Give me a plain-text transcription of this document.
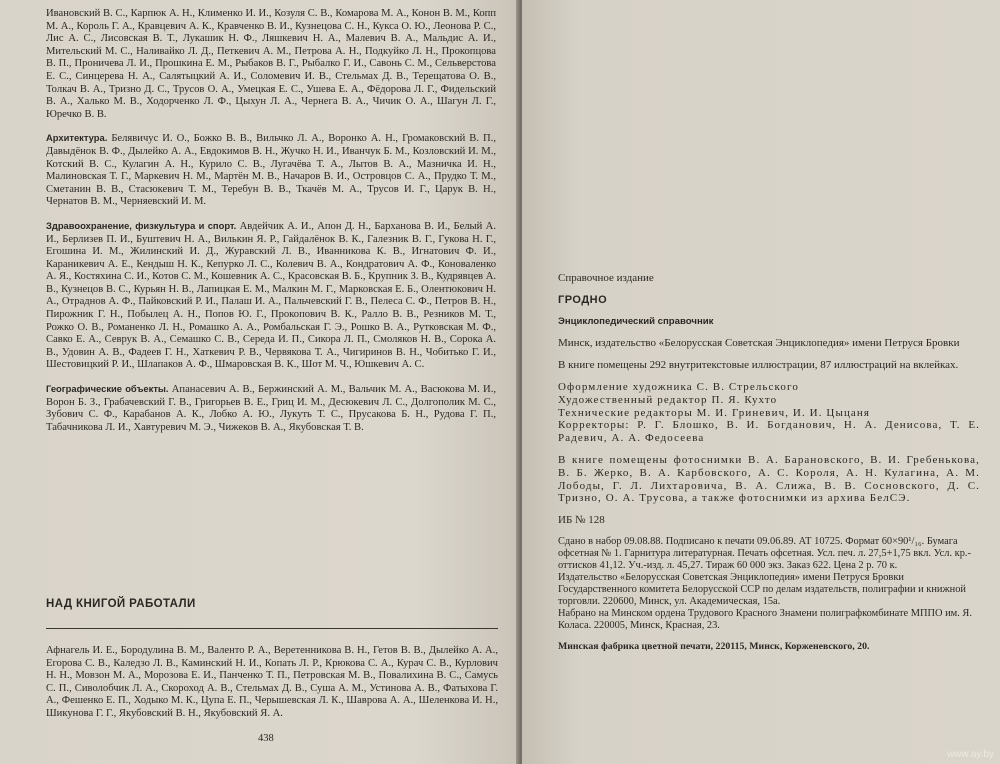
Ивановский В. С., Карпюк А. Н., Клименко И. И., Козуля С. В., Комарова М. А., Конон В. М., Копп М. А., Король Г. А., Кравцевич А. К., Кравченко В. И., Кузнецова С. Н., Кукса О. Ю., Леонова Р. С., Лис А. С., Лисовская В. Т., Лукашик Н. Ф., Ляшкевич Н. А., Малевич В. А., Мальдис А. И., Мительский М. С., Наливайко Л. Д., Петкевич А. М., Петрова А. Н., Подкуйко Л. Н., Прокопцова В. П., Проничева Л. И., Прошкина Е. М., Рыбаков В. Г., Рыбалко Г. И., Савонь С. М., Сельверстова Е. С., Синцерева Н. А., Салятыцкий А. И., Соломевич И. В., Стельмах Д. В., Терещатова О. В., Толкач В. А., Тризно Д. С., Трусов О. А., Умецкая Е. С., Ушева Е. А., Фёдорова Л. Г., Фидельский В. А., Халько М. В., Ходорченко Л. Ф., Цыхун Л. А., Чернега В. А., Чичик О. А., Шагун Л. Г., Юречко В. В.

Архитектура. Белявичус И. О., Божко В. В., Вильчко Л. А., Воронко А. Н., Громаковский В. П., Давыдёнок В. Ф., Дылейко А. А., Евдокимов В. Н., Жучко Н. И., Иванчук Б. М., Козловский И. М., Котский В. С., Кулагин А. Н., Курило С. В., Лугачёва Т. А., Лытов В. А., Мазничка И. Н., Малиновская Т. Г., Маркевич Н. М., Мартён М. В., Начаров В. И., Островцов С. А., Прудко Т. М., Сметанин В. В., Стасюкевич Т. М., Теребун В. В., Ткачёв М. А., Трусов И. Г., Царук В. Н., Чернатов В. М., Черняевский И. М.

Здравоохранение, физкультура и спорт. Авдейчик А. И., Апон Д. Н., Барханова В. И., Белый А. И., Берлизев П. И., Буштевич Н. А., Вилькин Я. Р., Гайдалёнок В. К., Галезник В. Г., Гукова Н. Г., Егошина И. М., Жилинский И. Д., Журавский Л. В., Иванникова К. В., Игнатович Ф. И., Караникевич А. Е., Кендыш Н. К., Кепурко Л. С., Колевич В. А., Кондратович А. Ф., Коноваленко А. Я., Костяхина С. И., Котов С. М., Кошевник А. С., Красовская В. Б., Крупник З. В., Кудрявцев А. В., Кузнецов В. С., Курьян Н. В., Лапицкая Е. М., Малкин М. Г., Марковская Е. Б., Олентюкович Н. А., Отраднов А. Ф., Пайковский Р. И., Палаш И. А., Пальчевский Г. В., Пелеса С. Ф., Петров В. Н., Пирожник Г. Н., Побылец А. Н., Попов Ю. Г., Прокопович В. К., Ралло В. В., Резников М. Т., Рожко О. В., Романенко Л. Н., Ромашко А. А., Ромбальская Г. Э., Рошко В. А., Рутковская М. Ф., Савко Е. А., Севрук В. А., Семашко С. В., Середа И. П., Сикора Л. П., Смоляков Н. В., Сорока А. В., Удовин А. В., Фадеев Г. Н., Хаткевич Р. В., Червякова Т. А., Чигиринов В. Н., Чобитько Г. И., Шестовицкий Р. И., Шлапаков А. Ф., Шмаровская В. К., Шот М. Ч., Юшкевич А. С.

Географические объекты. Апанасевич А. В., Бержинский А. М., Вальчик М. А., Васюкова М. И., Ворон Б. З., Грабачевский Г. В., Григорьев В. Е., Гриц И. М., Десюкевич Л. С., Долгополик М. С., Зубович С. Ф., Карабанов А. К., Лобко А. Ю., Лукуть Т. С., Прусакова Б. Н., Рудова Г. П., Табачникова Л. И., Хавтуревич М. Э., Чижеков В. А., Якубовская Т. В.

НАД КНИГОЙ РАБОТАЛИ
Афнагель И. Е., Бородулина В. М., Валенто Р. А., Веретенникова В. Н., Гетов В. В., Дылейко А. А., Егорова С. В., Каледзо Л. В., Каминский Н. И., Копать Л. Р., Крюкова С. А., Курач С. В., Курлович Н. Н., Мовзон М. А., Морозова Е. И., Панченко Т. П., Петровская М. В., Повалихина В. С., Самусь С. П., Сиволобчик Л. А., Скороход А. В., Стельмах Д. В., Суша А. М., Устинова А. В., Фатыхова Г. А., Фешенко Е. П., Ходыко М. К., Цупа Е. П., Черышевская Л. К., Шаврова А. А., Шеленкова И. Н., Шикунова Г. Г., Якубовский В. Н., Якубовский Я. А.
438

Справочное издание

ГРОДНО

Энциклопедический справочник

Минск, издательство «Белорусская Советская Энциклопедия» имени Петруся Бровки

В книге помещены 292 внутритекстовые иллюстрации, 87 иллюстраций на вклейках.

Оформление художника С. В. Стрельского
Художественный редактор П. Я. Кухто
Технические редакторы М. И. Гриневич, И. И. Цыцаня
Корректоры: Р. Г. Блошко, В. И. Богданович, Н. А. Денисова, Т. Е. Радевич, А. А. Федосеева

В книге помещены фотоснимки В. А. Барановского, В. И. Гребенькова, В. Б. Жерко, В. А. Карбовского, А. С. Короля, А. Н. Кулагина, А. М. Лободы, Г. Л. Лихтаровича, В. А. Слижа, В. В. Сосновского, Д. С. Тризно, О. А. Трусова, а также фотоснимки из архива БелСЭ.

ИБ № 128

Сдано в набор 09.08.88. Подписано к печати 09.06.89. АТ 10725. Формат 60×90¹/₁₆. Бумага офсетная № 1. Гарнитура литературная. Печать офсетная. Усл. печ. л. 27,5+1,75 вкл. Усл. кр.-оттисков 41,12. Уч.-изд. л. 45,27. Тираж 60 000 экз. Заказ 622. Цена 2 р. 70 к.
Издательство «Белорусская Советская Энциклопедия» имени Петруся Бровки Государственного комитета Белорусской ССР по делам издательств, полиграфии и книжной торговли. 220600, Минск, ул. Академическая, 15а.
Набрано на Минском ордена Трудового Красного Знамени полиграфкомбинате МППО им. Я. Коласа. 220005, Минск, Красная, 23.

Минская фабрика цветной печати, 220115, Минск, Корженевского, 20.

www.ay.by
